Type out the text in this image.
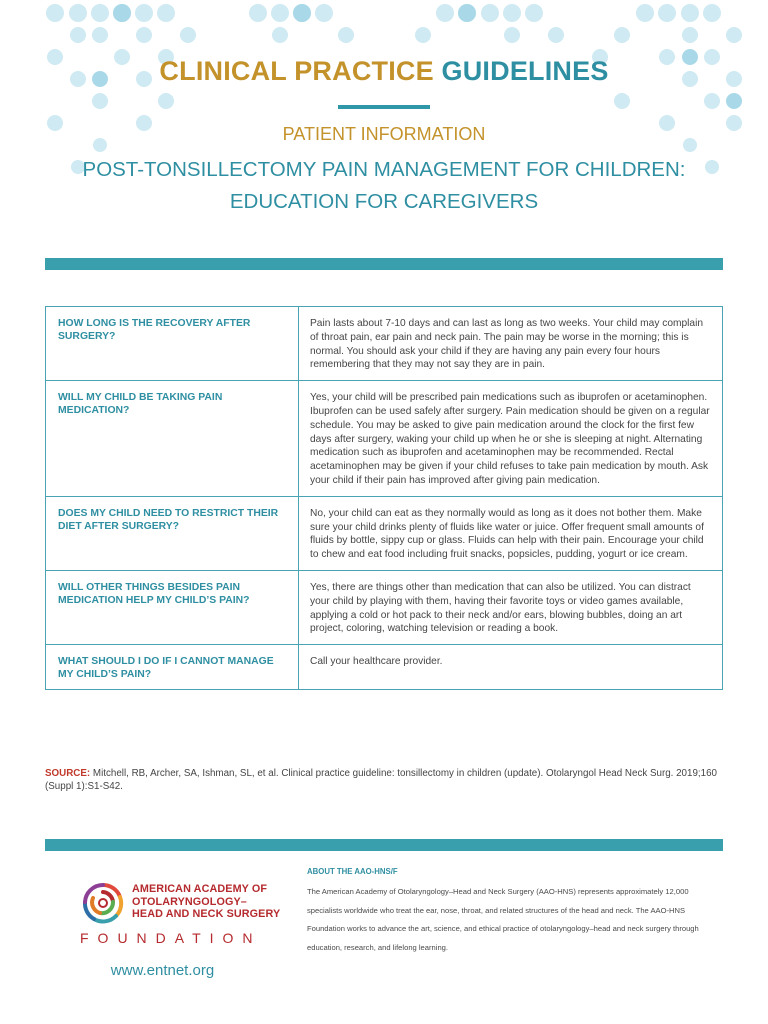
CLINICAL PRACTICE GUIDELINES
PATIENT INFORMATION
POST-TONSILLECTOMY PAIN MANAGEMENT FOR CHILDREN:
EDUCATION FOR CAREGIVERS
HOW LONG IS THE RECOVERY AFTER SURGERY?	Pain lasts about 7-10 days and can last as long as two weeks. Your child may complain of throat pain, ear pain and neck pain. The pain may be worse in the morning; this is normal. You should ask your child if they are having any pain every four hours remembering that they may not say they are in pain.
WILL MY CHILD BE TAKING PAIN MEDICATION?	Yes, your child will be prescribed pain medications such as ibuprofen or acetaminophen. Ibuprofen can be used safely after surgery. Pain medication should be given on a regular schedule. You may be asked to give pain medication around the clock for the first few days after surgery, waking your child up when he or she is sleeping at night. Alternating medication such as ibuprofen and acetaminophen may be recommended. Rectal acetaminophen may be given if your child refuses to take pain medication by mouth. Ask your child if their pain has improved after giving pain medication.
DOES MY CHILD NEED TO RESTRICT THEIR DIET AFTER SURGERY?	No, your child can eat as they normally would as long as it does not bother them. Make sure your child drinks plenty of fluids like water or juice. Offer frequent small amounts of fluids by bottle, sippy cup or glass. Fluids can help with their pain. Encourage your child to chew and eat food including fruit snacks, popsicles, pudding, yogurt or ice cream.
WILL OTHER THINGS BESIDES PAIN MEDICATION HELP MY CHILD’S PAIN?	Yes, there are things other than medication that can also be utilized. You can distract your child by playing with them, having their favorite toys or video games available, applying a cold or hot pack to their neck and/or ears, blowing bubbles, doing an art project, coloring, watching television or reading a book.
WHAT SHOULD I DO IF I CANNOT MANAGE MY CHILD’S PAIN?	Call your healthcare provider.
SOURCE: Mitchell, RB, Archer, SA, Ishman, SL, et al. Clinical practice guideline: tonsillectomy in children (update). Otolaryngol Head Neck Surg. 2019;160 (Suppl 1):S1-S42.
AMERICAN ACADEMY OF
OTOLARYNGOLOGY–
HEAD AND NECK SURGERY
FOUNDATION
www.entnet.org
ABOUT THE AAO-HNS/F
The American Academy of Otolaryngology–Head and Neck Surgery (AAO-HNS) represents approximately 12,000 specialists worldwide who treat the ear, nose, throat, and related structures of the head and neck. The AAO-HNS Foundation works to advance the art, science, and ethical practice of otolaryngology–head and neck surgery through education, research, and lifelong learning.
